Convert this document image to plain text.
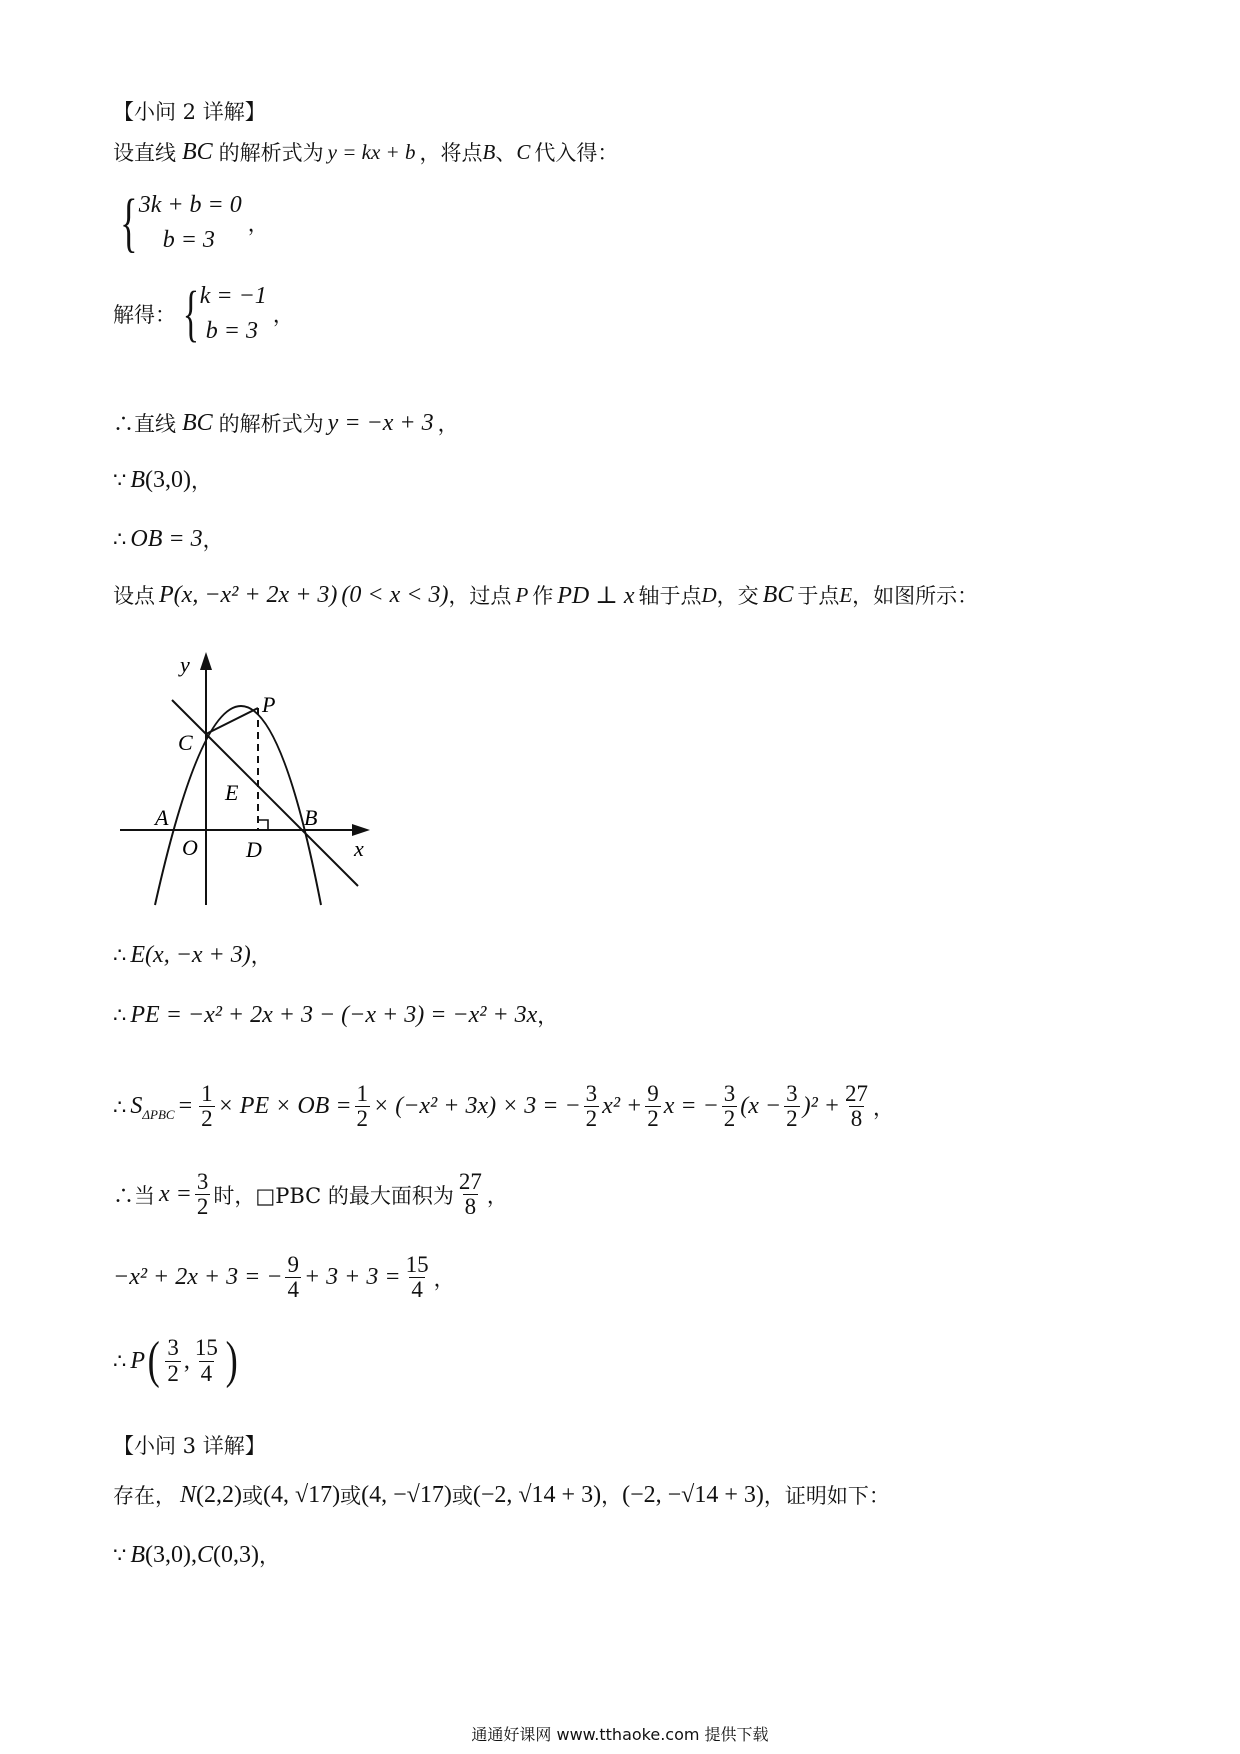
【小问 2 详解】
设直线 BC 的解析式为 y = kx + b ，将点 B 、 C 代入得：
{ 3k + b = 0
b = 3
，
解得： { k = −1
b = 3
，
∴直线 BC 的解析式为 y = −x + 3 ，
∵ B (3,0) ，
∴ OB = 3 ，
设点 P (x, −x² + 2x + 3) (0 < x < 3) ，过点 P 作 PD ⊥ x 轴于点 D ，交 BC 于点 E ，如图所示：
y
x
P
C
E
A
O D
B
∴ E (x, −x + 3) ，
∴ PE = −x² + 2x + 3 − (−x + 3) = −x² + 3x ，
∴ S $\Delta PBC = \frac{1}{2}$ × PE × OB = $\frac{1}{2} \times (-x^2 + 3x) \times 3$ = − $\frac{3}{2} x^2 + \frac{9}{2}$ x = − $\frac{3}{2} (x - \frac{3}{2} )^2 + \frac{27}{8}$ ，
∴当 $x = \frac{3}{2}$ 时， □PBC 的最大面积为 $\frac{27}{8}$ ，
−x² + 2x + 3 = − $\frac{9}{4} + 3 + 3 = \frac{15}{4}$ ，
∴ P ( $\frac{3}{2}$ , $\frac{15}{4}$ )
【小问 3 详解】
存在， N (2,2) 或 (4, √17) 或 (4, −√17) 或 (−2, √14 + 3) ， (−2, −√14 + 3) ，证明如下：
∵ B (3,0) , C (0,3) ，
通通好课网 www.tthaoke.com 提供下载
